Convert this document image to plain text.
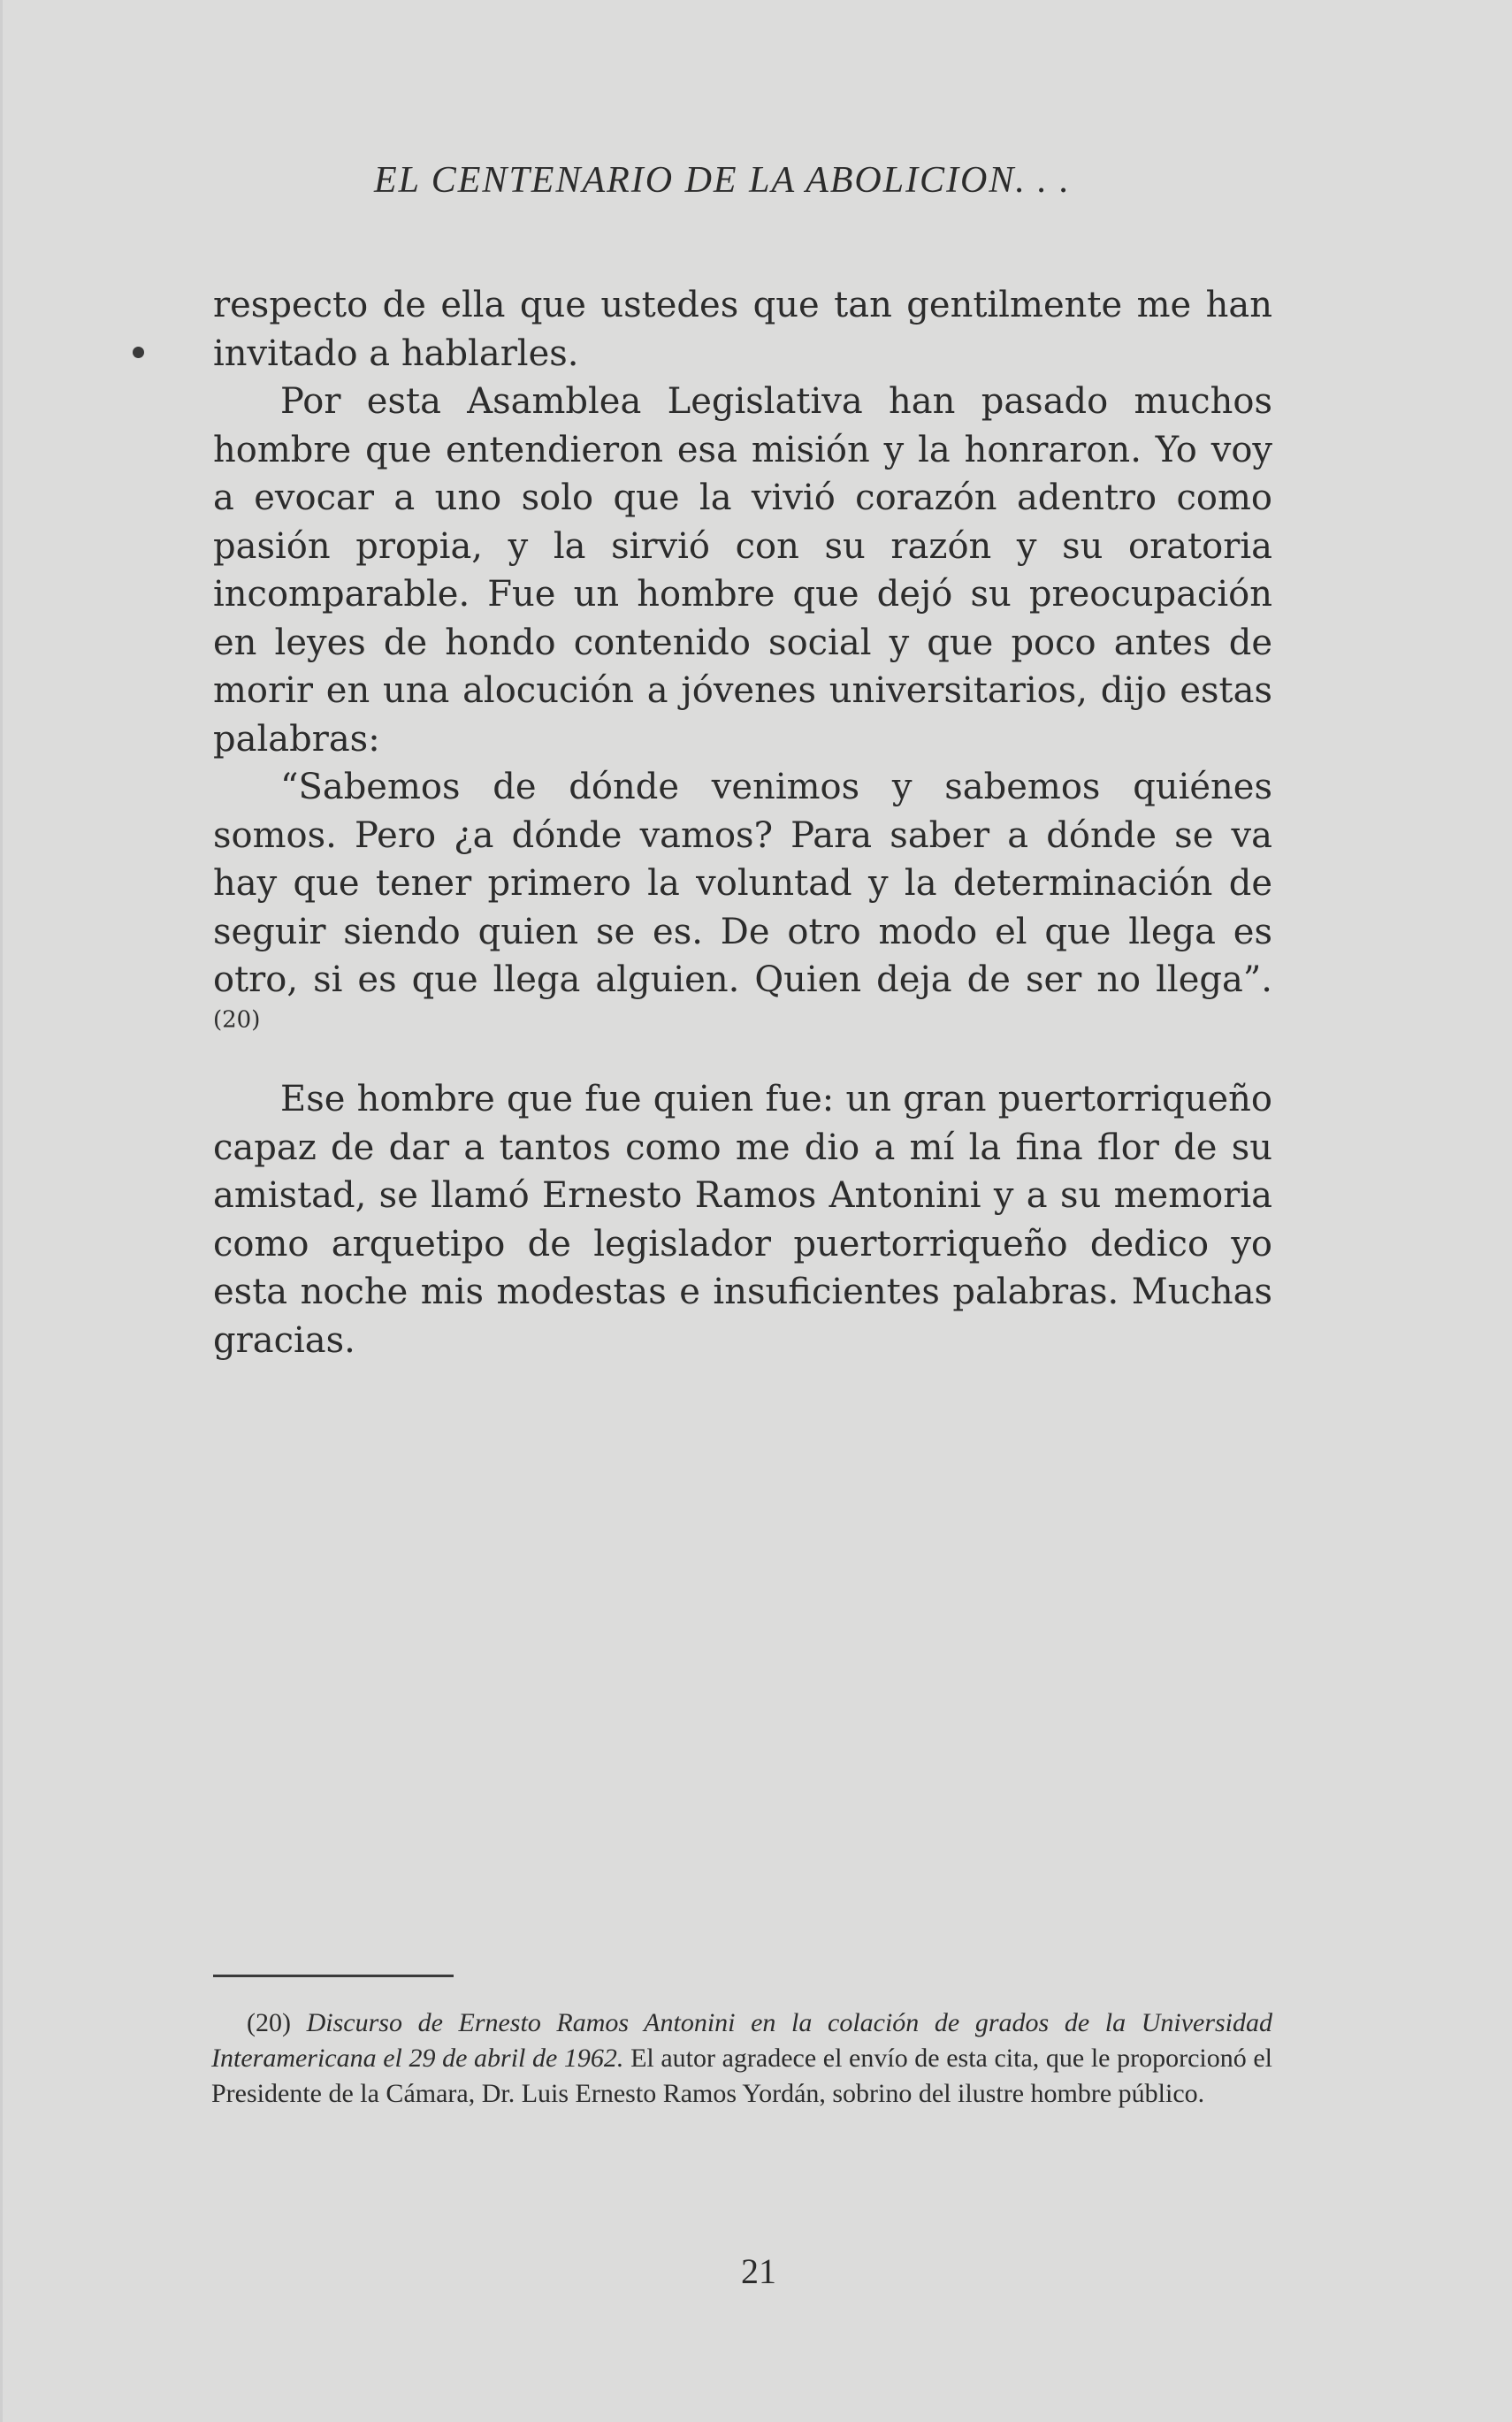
EL CENTENARIO DE LA ABOLICION. . .

respecto de ella que ustedes que tan gentilmente me han invitado a hablarles.

Por esta Asamblea Legislativa han pasado muchos hombre que entendieron esa misión y la honraron. Yo voy a evocar a uno solo que la vivió corazón adentro como pasión propia, y la sirvió con su razón y su oratoria incomparable. Fue un hombre que dejó su preocupación en leyes de hondo contenido social y que poco antes de morir en una alocución a jóvenes universitarios, dijo estas palabras:

“Sabemos de dónde venimos y sabemos quiénes somos. Pero ¿a dónde vamos? Para saber a dónde se va hay que tener primero la voluntad y la determinación de seguir siendo quien se es. De otro modo el que llega es otro, si es que llega alguien. Quien deja de ser no llega”. $^{(20)}$

Ese hombre que fue quien fue: un gran puertorriqueño capaz de dar a tantos como me dio a mí la fina flor de su amistad, se llamó Ernesto Ramos Antonini y a su memoria como arquetipo de legislador puertorriqueño dedico yo esta noche mis modestas e insuficientes palabras. Muchas gracias.

(20) Discurso de Ernesto Ramos Antonini en la colación de grados de la Universidad Interamericana el 29 de abril de 1962. El autor agradece el envío de esta cita, que le proporcionó el Presidente de la Cámara, Dr. Luis Ernesto Ramos Yordán, sobrino del ilustre hombre público.
21
